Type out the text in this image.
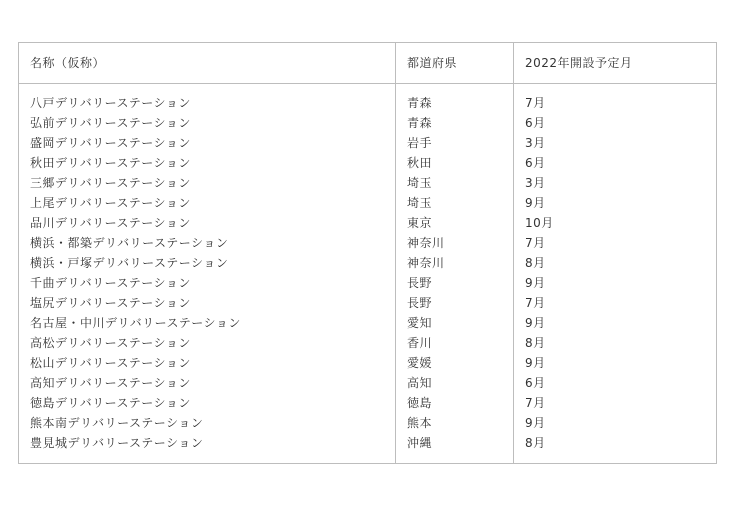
名称（仮称）	都道府県	2022年開設予定月
八戸デリバリーステーション	青森	7月
弘前デリバリーステーション	青森	6月
盛岡デリバリーステーション	岩手	3月
秋田デリバリーステーション	秋田	6月
三郷デリバリーステーション	埼玉	3月
上尾デリバリーステーション	埼玉	9月
品川デリバリーステーション	東京	10月
横浜・都築デリバリーステーション	神奈川	7月
横浜・戸塚デリバリーステーション	神奈川	8月
千曲デリバリーステーション	長野	9月
塩尻デリバリーステーション	長野	7月
名古屋・中川デリバリーステーション	愛知	9月
高松デリバリーステーション	香川	8月
松山デリバリーステーション	愛媛	9月
高知デリバリーステーション	高知	6月
徳島デリバリーステーション	徳島	7月
熊本南デリバリーステーション	熊本	9月
豊見城デリバリーステーション	沖縄	8月
